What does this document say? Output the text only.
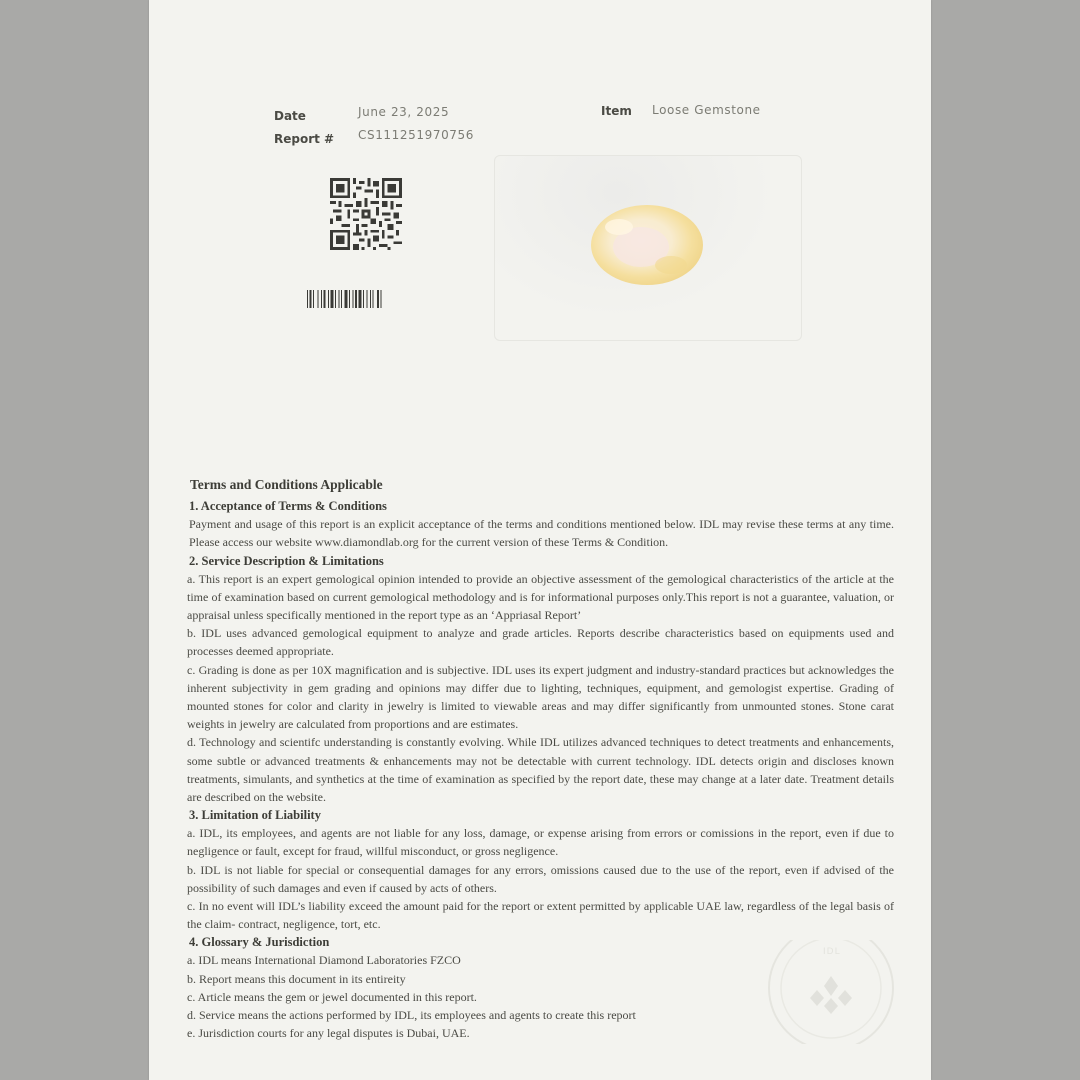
Date	June 23, 2025
Report # CS111251970756
Item Loose Gemstone
Terms and Conditions Applicable
1. Acceptance of Terms & Conditions

Payment and usage of this report is an explicit acceptance of the terms and conditions mentioned below. IDL may revise these terms at any time. Please access our website www.diamondlab.org for the current version of these Terms & Condition.

2. Service Description & Limitations

a. This report is an expert gemological opinion intended to provide an objective assessment of the gemological characteristics of the article at the time of examination based on current gemological methodology and is for informational purposes only.This report is not a guarantee, valuation, or appraisal unless specifically mentioned in the report type as an ‘Appriasal Report’

b. IDL uses advanced gemological equipment to analyze and grade articles. Reports describe characteristics based on equipments used and processes deemed appropriate.

c. Grading is done as per 10X magnification and is subjective. IDL uses its expert judgment and industry-standard practices but acknowledges the inherent subjectivity in gem grading and opinions may differ due to lighting, techniques, equipment, and gemologist expertise. Grading of mounted stones for color and clarity in jewelry is limited to viewable areas and may differ significantly from unmounted stones. Stone carat weights in jewelry are calculated from proportions and are estimates.

d. Technology and scientifc understanding is constantly evolving. While IDL utilizes advanced techniques to detect treatments and enhancements, some subtle or advanced treatments & enhancements may not be detectable with current technology. IDL detects origin and discloses known treatments, simulants, and synthetics at the time of examination as specified by the report date, these may change at a later date. Treatment details are described on the website.

3. Limitation of Liability

a. IDL, its employees, and agents are not liable for any loss, damage, or expense arising from errors or comissions in the report, even if due to negligence or fault, except for fraud, willful misconduct, or gross negligence.

b. IDL is not liable for special or consequential damages for any errors, omissions caused due to the use of the report, even if advised of the possibility of such damages and even if caused by acts of others.

c. In no event will IDL’s liability exceed the amount paid for the report or extent permitted by applicable UAE law, regardless of the legal basis of the claim- contract, negligence, tort, etc.

4. Glossary & Jurisdiction

a. IDL means International Diamond Laboratories FZCO

b. Report means this document in its entireity

c. Article means the gem or jewel documented in this report.

d. Service means the actions performed by IDL, its employees and agents to create this report

e. Jurisdiction courts for any legal disputes is Dubai, UAE.

IDL
